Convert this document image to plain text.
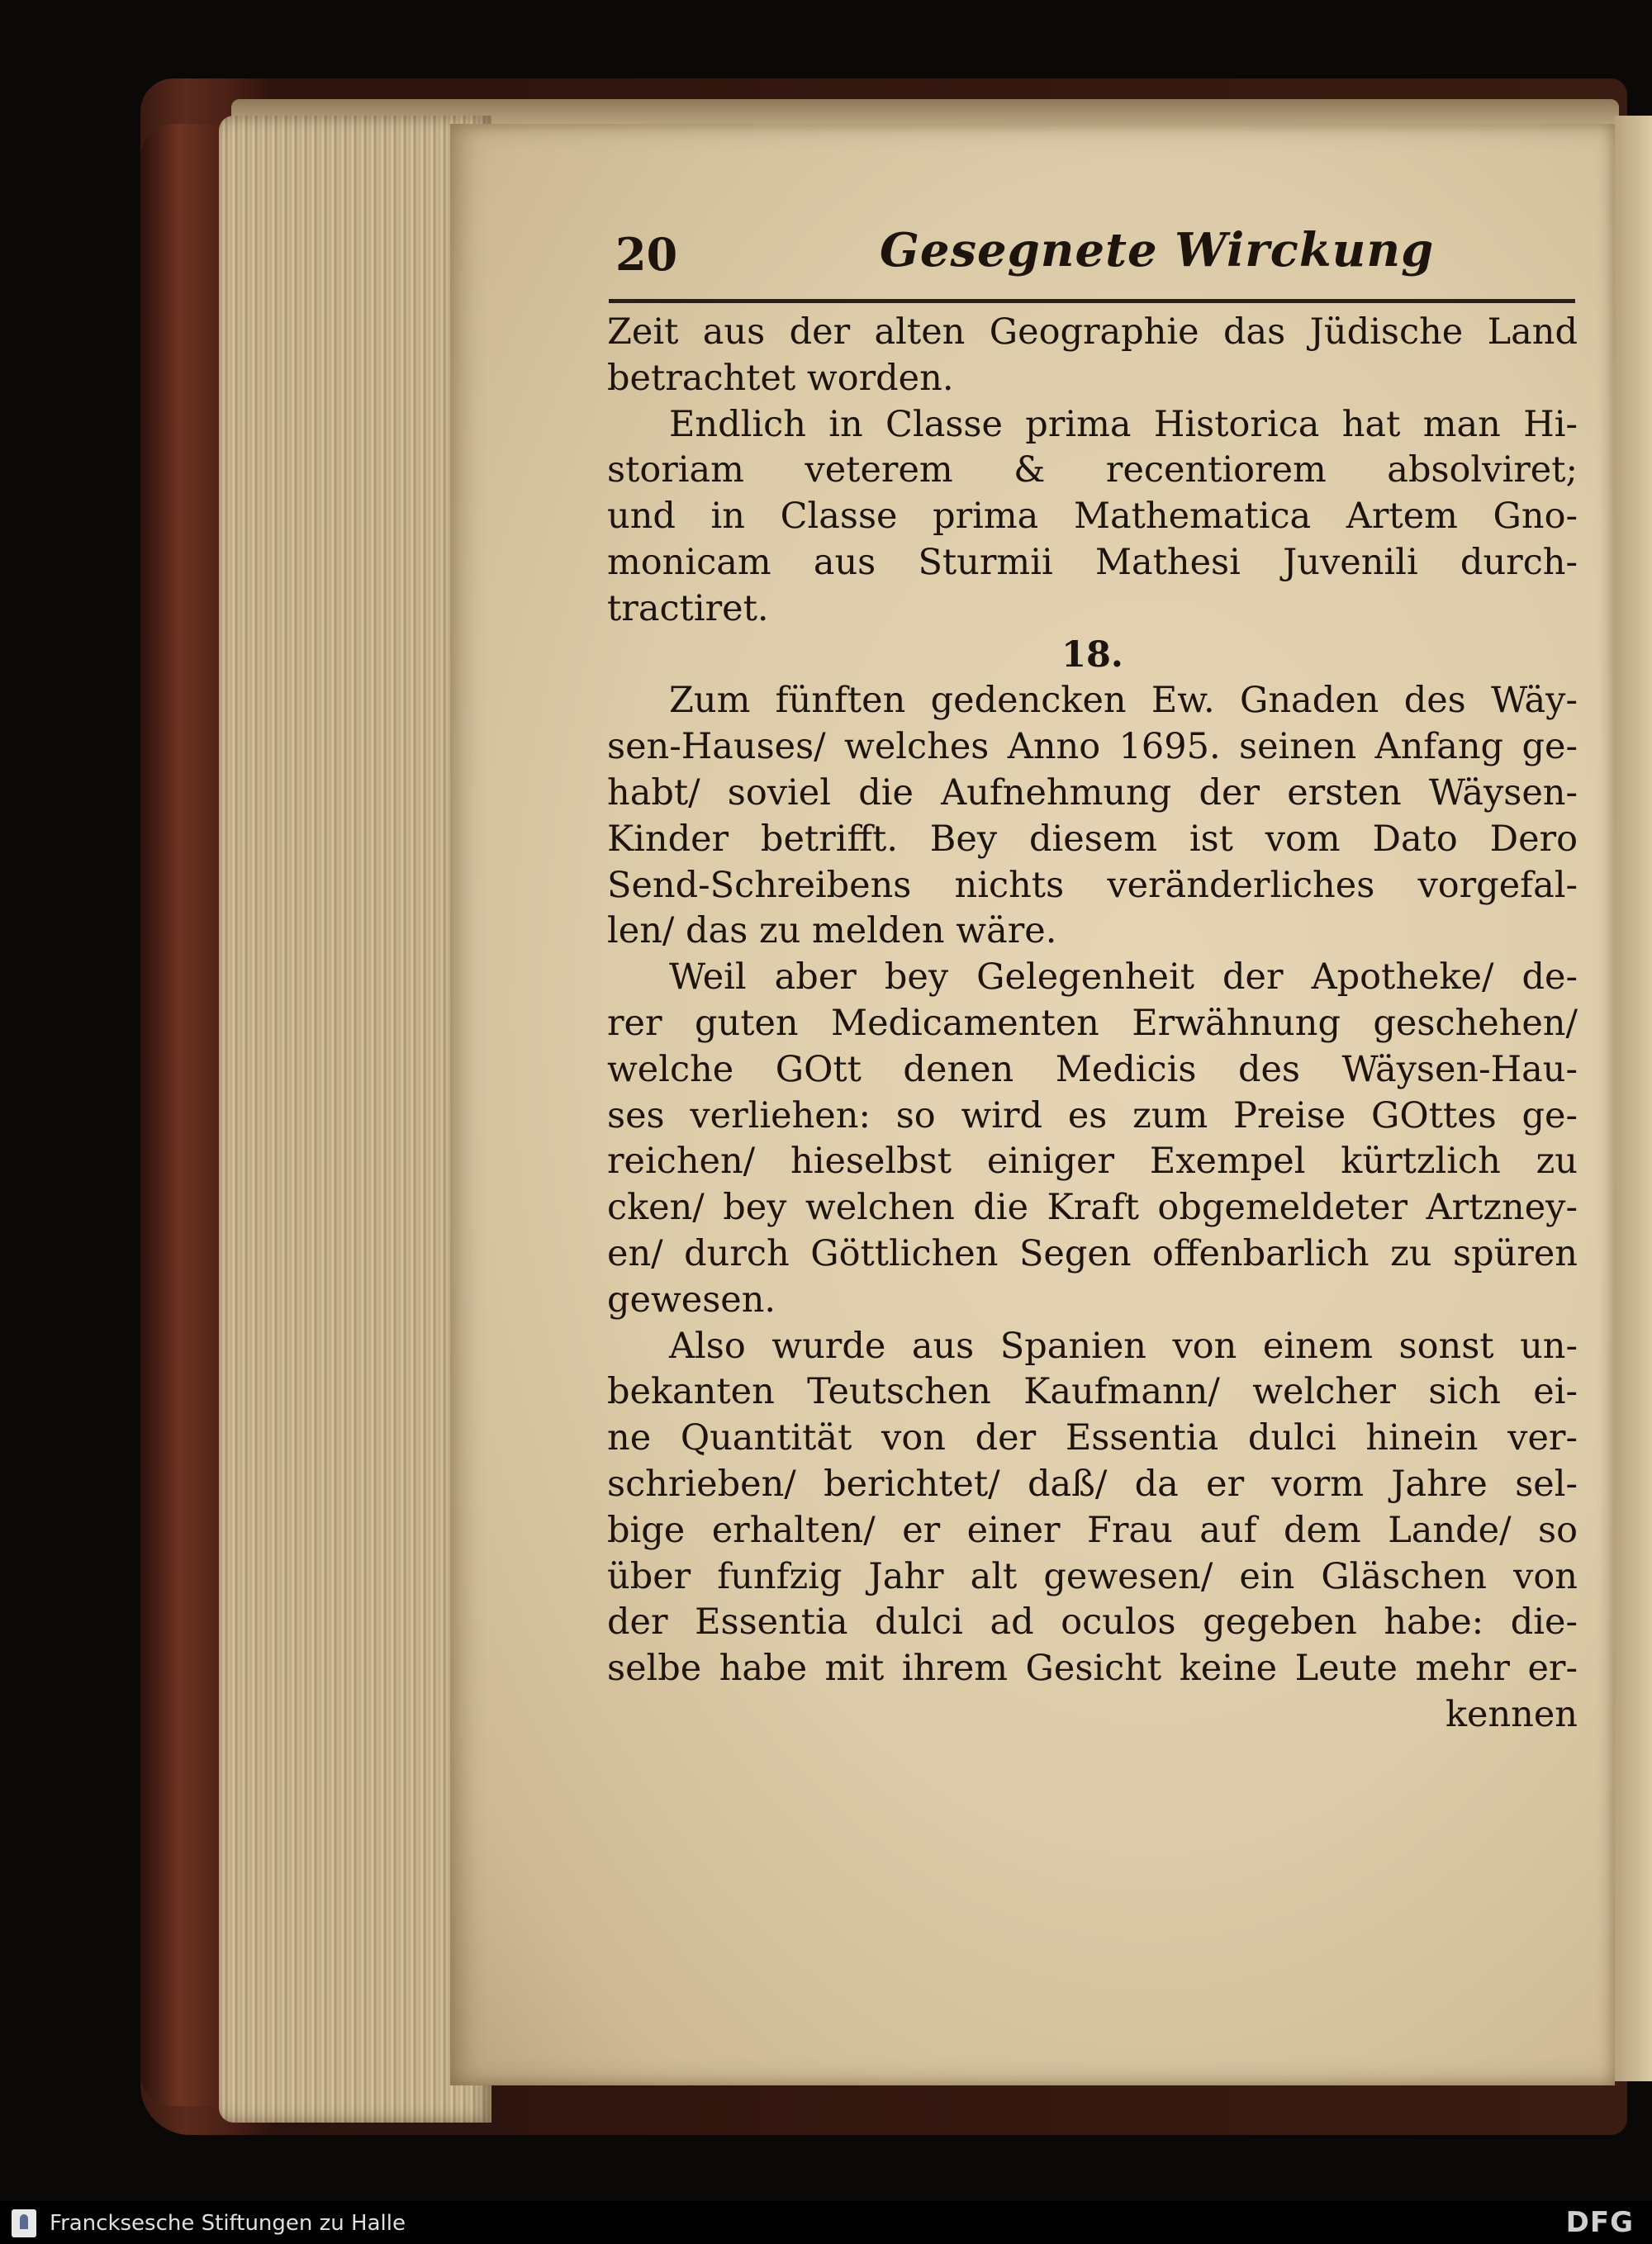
20	Gesegnete Wirckung
Zeit aus der alten Geographie das Jüdische Land
betrachtet worden.
Endlich in Classe prima Historica hat man Hi-
storiam veterem & recentiorem absolviret;
und in Classe prima Mathematica Artem Gno-
monicam aus Sturmii Mathesi Juvenili durch-
tractiret.
18.
Zum fünften gedencken Ew. Gnaden des Wäy-
sen-Hauses/ welches Anno 1695. seinen Anfang ge-
habt/ soviel die Aufnehmung der ersten Wäysen-
Kinder betrifft. Bey diesem ist vom Dato Dero
Send-Schreibens nichts veränderliches vorgefal-
len/ das zu melden wäre.
Weil aber bey Gelegenheit der Apotheke/ de-
rer guten Medicamenten Erwähnung geschehen/
welche GOtt denen Medicis des Wäysen-Hau-
ses verliehen: so wird es zum Preise GOttes ge-
reichen/ hieselbst einiger Exempel kürtzlich zu
cken/ bey welchen die Kraft obgemeldeter Artzney-
en/ durch Göttlichen Segen offenbarlich zu spüren
gewesen.
Also wurde aus Spanien von einem sonst un-
bekanten Teutschen Kaufmann/ welcher sich ei-
ne Quantität von der Essentia dulci hinein ver-
schrieben/ berichtet/ daß/ da er vorm Jahre sel-
bige erhalten/ er einer Frau auf dem Lande/ so
über funfzig Jahr alt gewesen/ ein Gläschen von
der Essentia dulci ad oculos gegeben habe: die-
selbe habe mit ihrem Gesicht keine Leute mehr er-
kennen
Francksesche Stiftungen zu Halle	DFG
